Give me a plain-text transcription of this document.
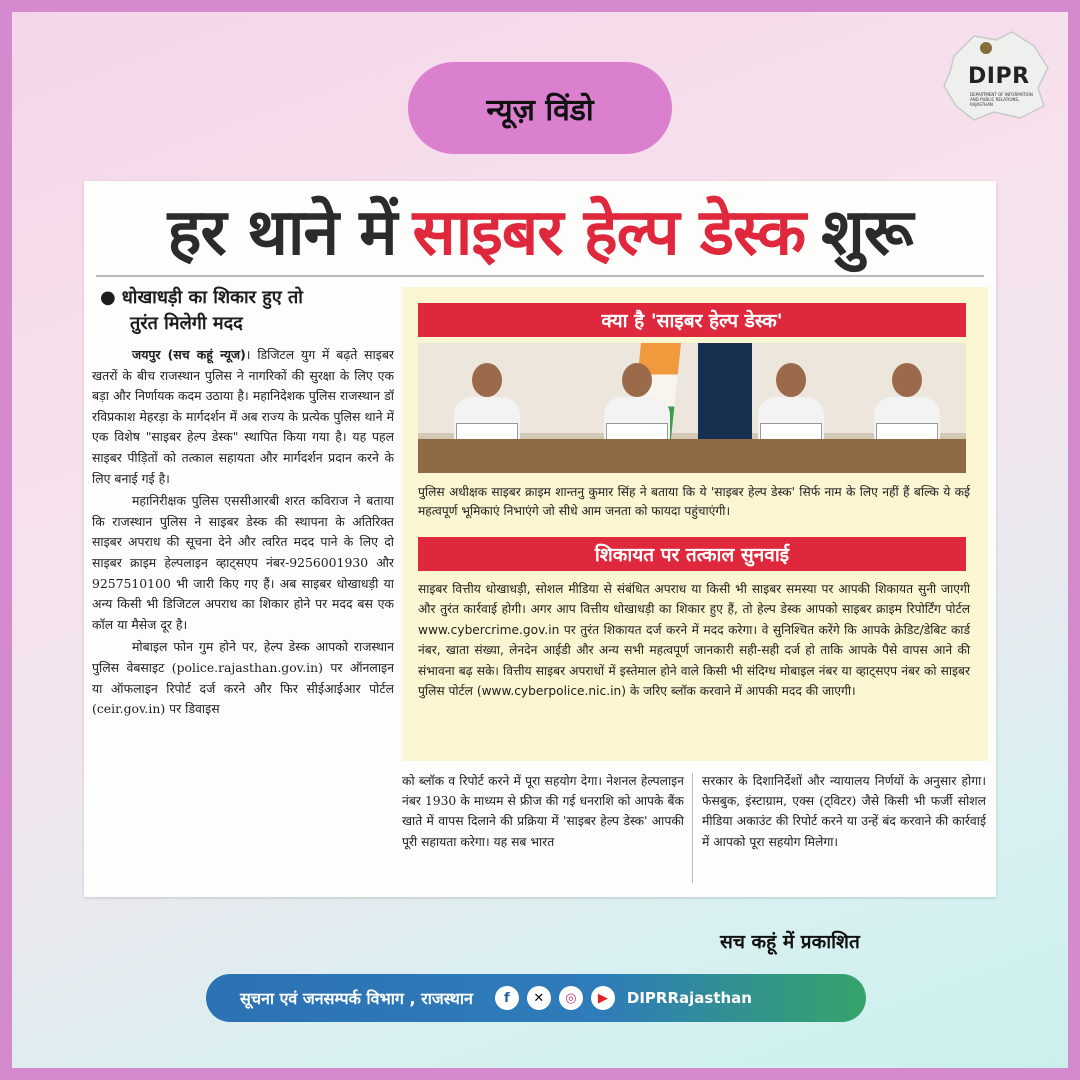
DIPR
DEPARTMENT OF INFORMATION AND PUBLIC RELATIONS, RAJASTHAN
न्यूज़ विंडो
हर थाने में साइबर हेल्प डेस्क शुरू
● धोखाधड़ी का शिकार हुए तो
तुरंत मिलेगी मदद

जयपुर (सच कहूं न्यूज)। डिजिटल युग में बढ़ते साइबर खतरों के बीच राजस्थान पुलिस ने नागरिकों की सुरक्षा के लिए एक बड़ा और निर्णायक कदम उठाया है। महानिदेशक पुलिस राजस्थान डॉ रविप्रकाश मेहरड़ा के मार्गदर्शन में अब राज्य के प्रत्येक पुलिस थाने में एक विशेष "साइबर हेल्प डेस्क" स्थापित किया गया है। यह पहल साइबर पीड़ितों को तत्काल सहायता और मार्गदर्शन प्रदान करने के लिए बनाई गई है।

महानिरीक्षक पुलिस एससीआरबी शरत कविराज ने बताया कि राजस्थान पुलिस ने साइबर डेस्क की स्थापना के अतिरिक्त साइबर अपराध की सूचना देने और त्वरित मदद पाने के लिए दो साइबर क्राइम हेल्पलाइन व्हाट्सएप नंबर-9256001930 और 9257510100 भी जारी किए गए हैं। अब साइबर धोखाधड़ी या अन्य किसी भी डिजिटल अपराध का शिकार होने पर मदद बस एक कॉल या मैसेज दूर है।

मोबाइल फोन गुम होने पर, हेल्प डेस्क आपको राजस्थान पुलिस वेबसाइट (police.rajasthan.gov.in) पर ऑनलाइन या ऑफलाइन रिपोर्ट दर्ज करने और फिर सीईआईआर पोर्टल (ceir.gov.in) पर डिवाइस

क्या है 'साइबर हेल्प डेस्क'
पुलिस अधीक्षक साइबर क्राइम शान्तनु कुमार सिंह ने बताया कि ये 'साइबर हेल्प डेस्क' सिर्फ नाम के लिए नहीं हैं बल्कि ये कई महत्वपूर्ण भूमिकाएं निभाएंगे जो सीधे आम जनता को फायदा पहुंचाएंगी।
शिकायत पर तत्काल सुनवाई
साइबर वित्तीय धोखाधड़ी, सोशल मीडिया से संबंधित अपराध या किसी भी साइबर समस्या पर आपकी शिकायत सुनी जाएगी और तुरंत कार्रवाई होगी। अगर आप वित्तीय धोखाधड़ी का शिकार हुए हैं, तो हेल्प डेस्क आपको साइबर क्राइम रिपोर्टिंग पोर्टल www.cybercrime.gov.in पर तुरंत शिकायत दर्ज करने में मदद करेगा। वे सुनिश्चित करेंगे कि आपके क्रेडिट/डेबिट कार्ड नंबर, खाता संख्या, लेनदेन आईडी और अन्य सभी महत्वपूर्ण जानकारी सही-सही दर्ज हो ताकि आपके पैसे वापस आने की संभावना बढ़ सके। वित्तीय साइबर अपराधों में इस्तेमाल होने वाले किसी भी संदिग्ध मोबाइल नंबर या व्हाट्सएप नंबर को साइबर पुलिस पोर्टल (www.cyberpolice.nic.in) के जरिए ब्लॉक करवाने में आपकी मदद की जाएगी।
को ब्लॉक व रिपोर्ट करने में पूरा सहयोग देगा। नेशनल हेल्पलाइन नंबर 1930 के माध्यम से फ्रीज की गई धनराशि को आपके बैंक खाते में वापस दिलाने की प्रक्रिया में 'साइबर हेल्प डेस्क' आपकी पूरी सहायता करेगा। यह सब भारत
सरकार के दिशानिर्देशों और न्यायालय निर्णयों के अनुसार होगा। फेसबुक, इंस्टाग्राम, एक्स (ट्विटर) जैसे किसी भी फर्जी सोशल मीडिया अकाउंट की रिपोर्ट करने या उन्हें बंद करवाने की कार्रवाई में आपको पूरा सहयोग मिलेगा।
सच कहूं में प्रकाशित
सूचना एवं जनसम्पर्क विभाग , राजस्थान	f	✕	◎	▶	DIPRRajasthan
